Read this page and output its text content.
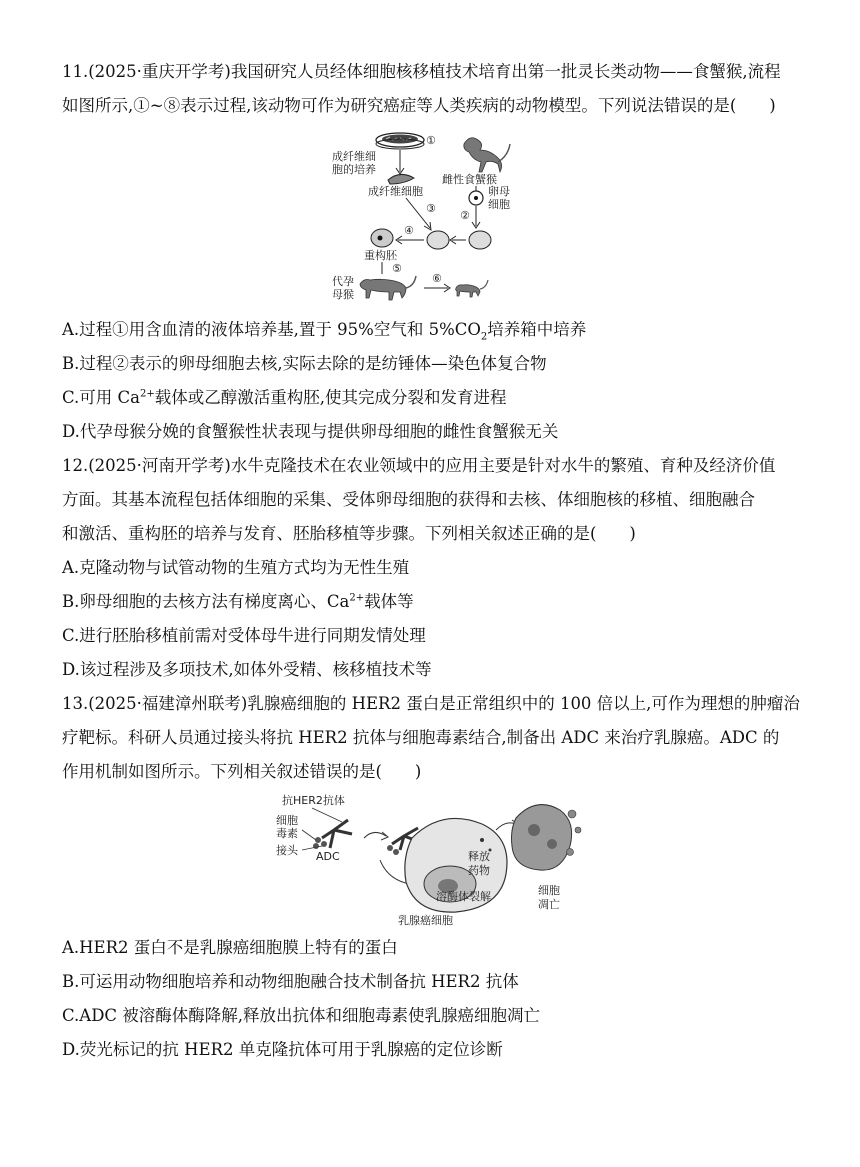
11.(2025·重庆开学考)我国研究人员经体细胞核移植技术培育出第一批灵长类动物——食蟹猴,流程
如图所示,①~⑧表示过程,该动物可作为研究癌症等人类疾病的动物模型。下列说法错误的是(　　)
①
成纤维细
胞的培养
成纤维细胞
雌性食蟹猴
卵母
细胞
②
③
④
重构胚
⑤
代孕
母猴
⑥
A.过程①用含血清的液体培养基,置于 95%空气和 $5\%CO_2$培养箱中培养
B.过程②表示的卵母细胞去核,实际去除的是纺锤体—染色体复合物
C.可用 $Ca^{2+}$载体或乙醇激活重构胚,使其完成分裂和发育进程
D.代孕母猴分娩的食蟹猴性状表现与提供卵母细胞的雌性食蟹猴无关
12.(2025·河南开学考)水牛克隆技术在农业领域中的应用主要是针对水牛的繁殖、育种及经济价值
方面。其基本流程包括体细胞的采集、受体卵母细胞的获得和去核、体细胞核的移植、细胞融合
和激活、重构胚的培养与发育、胚胎移植等步骤。下列相关叙述正确的是(　　)
A.克隆动物与试管动物的生殖方式均为无性生殖
B.卵母细胞的去核方法有梯度离心、$Ca^{2+}$载体等
C.进行胚胎移植前需对受体母牛进行同期发情处理
D.该过程涉及多项技术,如体外受精、核移植技术等
13.(2025·福建漳州联考)乳腺癌细胞的 HER2 蛋白是正常组织中的 100 倍以上,可作为理想的肿瘤治
疗靶标。科研人员通过接头将抗 HER2 抗体与细胞毒素结合,制备出 ADC 来治疗乳腺癌。ADC 的
作用机制如图所示。下列相关叙述错误的是(　　)
抗HER2抗体
细胞
毒素
接头 ADC	释放
药物
溶酶体裂解
乳腺癌细胞
细胞
凋亡
A.HER2 蛋白不是乳腺癌细胞膜上特有的蛋白
B.可运用动物细胞培养和动物细胞融合技术制备抗 HER2 抗体
C.ADC 被溶酶体酶降解,释放出抗体和细胞毒素使乳腺癌细胞凋亡
D.荧光标记的抗 HER2 单克隆抗体可用于乳腺癌的定位诊断
